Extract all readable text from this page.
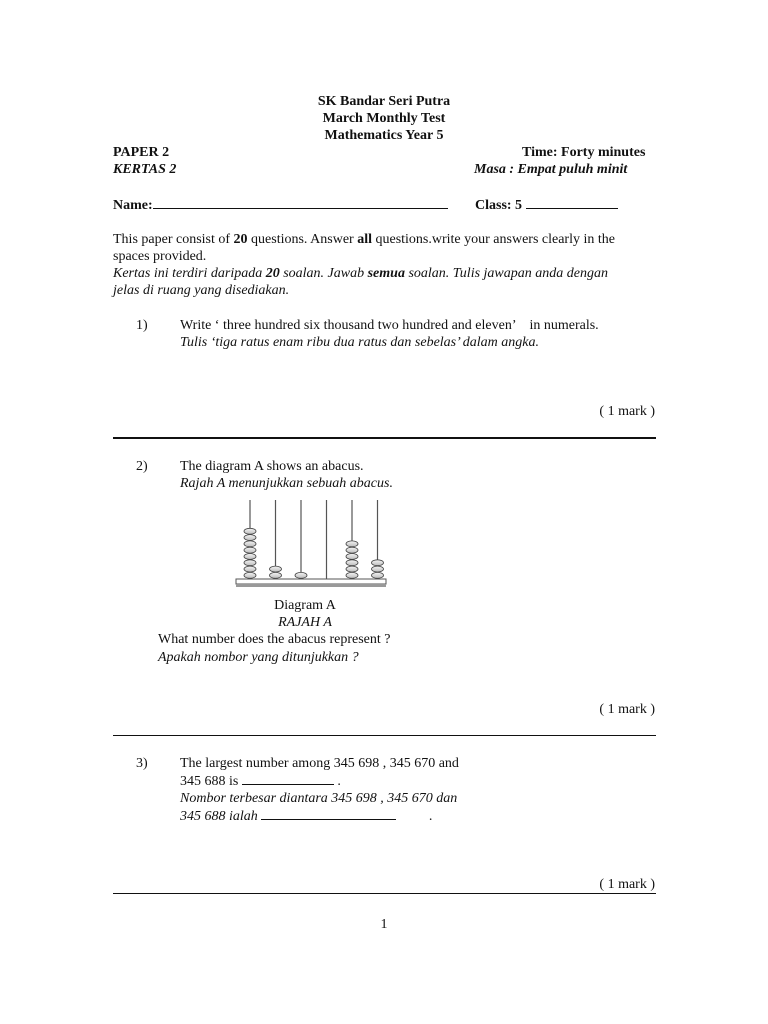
SK Bandar Seri Putra
March Monthly Test
Mathematics Year 5
PAPER 2
KERTAS 2
Time: Forty minutes
Masa : Empat puluh minit
Name:	Class: 5
This paper consist of 20 questions. Answer all questions.write your answers clearly in the
spaces provided.
Kertas ini terdiri daripada 20 soalan. Jawab semua soalan. Tulis jawapan anda dengan
jelas di ruang yang disediakan.
1) Write ‘ three hundred six thousand two hundred and eleven’    in numerals.
Tulis ‘tiga ratus enam ribu dua ratus dan sebelas’ dalam angka.
( 1 mark )
2) The diagram A shows an abacus.
Rajah A menunjukkan sebuah abacus.
Diagram A
RAJAH A
What number does the abacus represent ?
Apakah nombor yang ditunjukkan ?
( 1 mark )
3) The largest number among 345 698 , 345 670 and
345 688 is	.
Nombor terbesar diantara 345 698 , 345 670 dan
345 688 ialah	.
( 1 mark )
1
